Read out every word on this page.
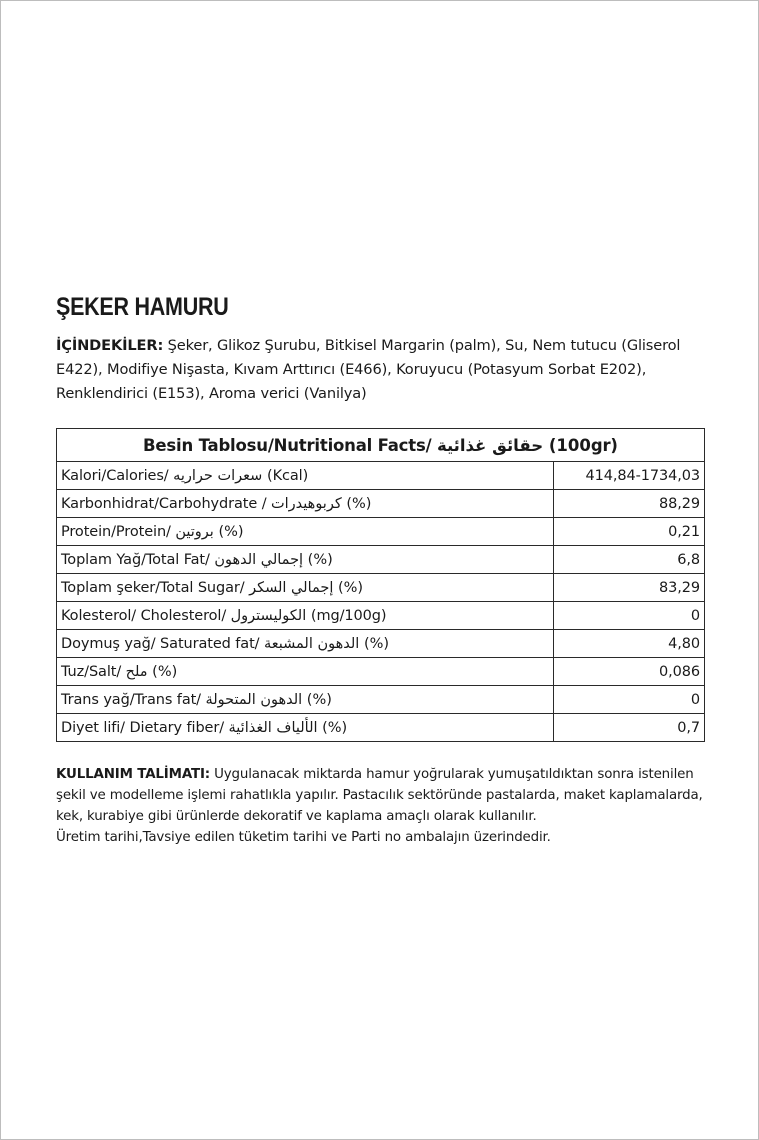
ŞEKER HAMURU
İÇİNDEKİLER: Şeker, Glikoz Şurubu, Bitkisel Margarin (palm), Su, Nem tutucu (Gliserol E422), Modifiye Nişasta, Kıvam Arttırıcı (E466), Koruyucu (Potasyum Sorbat E202), Renklendirici (E153), Aroma verici (Vanilya)
Besin Tablosu/Nutritional Facts/ حقائق غذائية (100gr)	
Kalori/Calories/ سعرات حراريه (Kcal)	414,84-1734,03
Karbonhidrat/Carbohydrate / كربوهيدرات (%)	88,29
Protein/Protein/ بروتين (%)	0,21
Toplam Yağ/Total Fat/ إجمالي الدهون (%)	6,8
Toplam şeker/Total Sugar/ إجمالي السكر (%)	83,29
Kolesterol/ Cholesterol/ الكوليسترول (mg/100g)	0
Doymuş yağ/ Saturated fat/ الدهون المشبعة (%)	4,80
Tuz/Salt/ ملح (%)	0,086
Trans yağ/Trans fat/ الدهون المتحولة (%)	0
Diyet lifi/ Dietary fiber/ الألياف الغذائية (%)	0,7

KULLANIM TALİMATI: Uygulanacak miktarda hamur yoğrularak yumuşatıldıktan sonra istenilen şekil ve modelleme işlemi rahatlıkla yapılır. Pastacılık sektöründe pastalarda, maket kaplamalarda, kek, kurabiye gibi ürünlerde dekoratif ve kaplama amaçlı olarak kullanılır.

Üretim tarihi,Tavsiye edilen tüketim tarihi ve Parti no ambalajın üzerindedir.
